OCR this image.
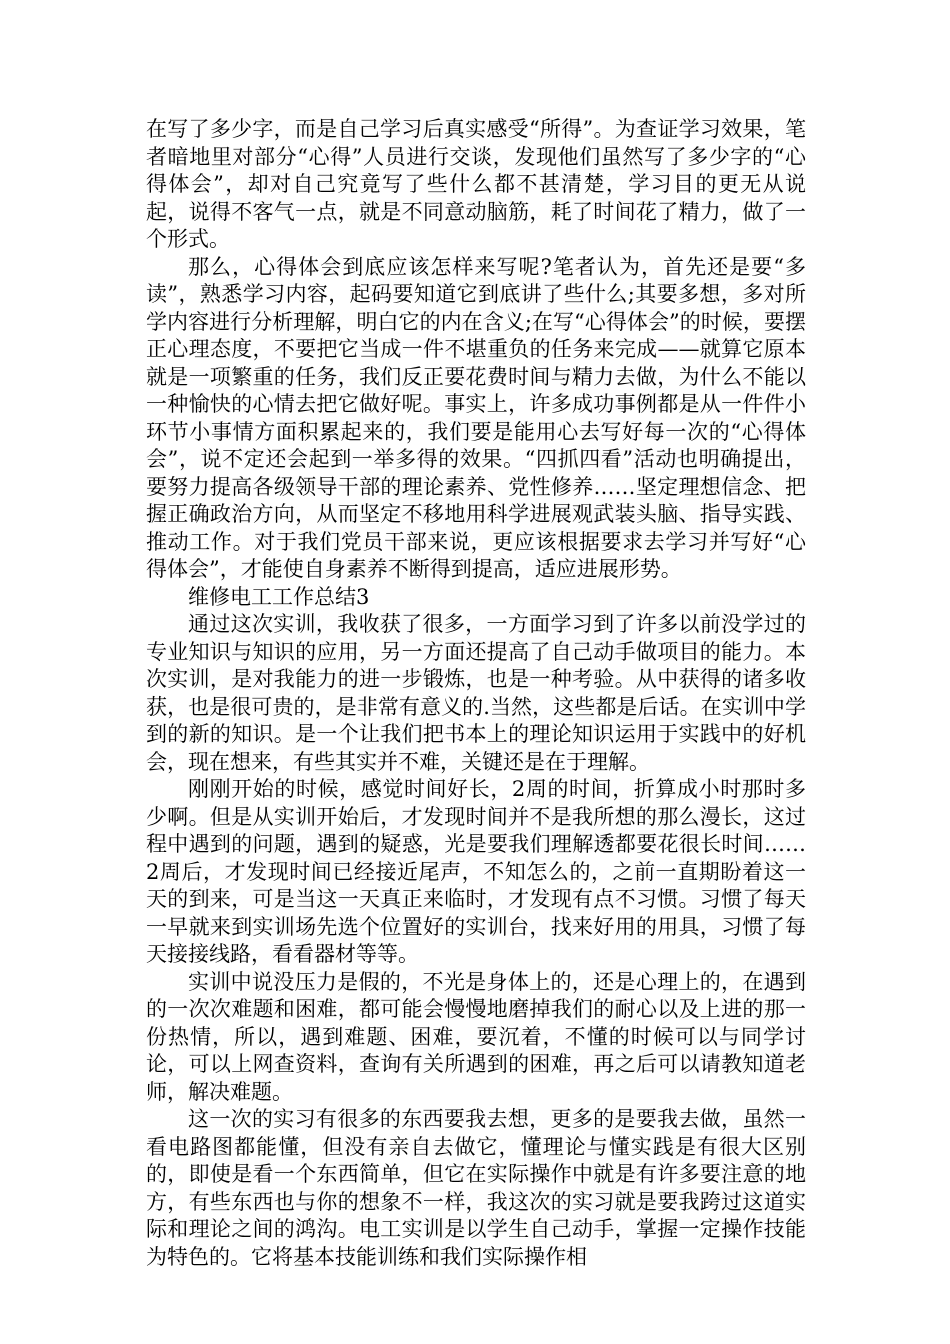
在写了多少字，而是自己学习后真实感受“所得”。为查证学习效果，笔者暗地里对部分“心得”人员进行交谈，发现他们虽然写了多少字的“心得体会”，却对自己究竟写了些什么都不甚清楚，学习目的更无从说起，说得不客气一点，就是不同意动脑筋，耗了时间花了精力，做了一个形式。

那么，心得体会到底应该怎样来写呢?笔者认为，首先还是要“多读”，熟悉学习内容，起码要知道它到底讲了些什么;其要多想，多对所学内容进行分析理解，明白它的内在含义;在写“心得体会”的时候，要摆正心理态度，不要把它当成一件不堪重负的任务来完成——就算它原本就是一项繁重的任务，我们反正要花费时间与精力去做，为什么不能以一种愉快的心情去把它做好呢。事实上，许多成功事例都是从一件件小环节小事情方面积累起来的，我们要是能用心去写好每一次的“心得体会”，说不定还会起到一举多得的效果。“四抓四看”活动也明确提出，要努力提高各级领导干部的理论素养、党性修养……坚定理想信念、把握正确政治方向，从而坚定不移地用科学进展观武装头脑、指导实践、推动工作。对于我们党员干部来说，更应该根据要求去学习并写好“心得体会”，才能使自身素养不断得到提高，适应进展形势。

维修电工工作总结3

通过这次实训，我收获了很多，一方面学习到了许多以前没学过的专业知识与知识的应用，另一方面还提高了自己动手做项目的能力。本次实训，是对我能力的进一步锻炼，也是一种考验。从中获得的诸多收获，也是很可贵的，是非常有意义的.当然，这些都是后话。在实训中学到的新的知识。是一个让我们把书本上的理论知识运用于实践中的好机会，现在想来，有些其实并不难，关键还是在于理解。

刚刚开始的时候，感觉时间好长，2周的时间，折算成小时那时多少啊。但是从实训开始后，才发现时间并不是我所想的那么漫长，这过程中遇到的问题，遇到的疑惑，光是要我们理解透都要花很长时间……2周后，才发现时间已经接近尾声，不知怎么的，之前一直期盼着这一天的到来，可是当这一天真正来临时，才发现有点不习惯。习惯了每天一早就来到实训场先选个位置好的实训台，找来好用的用具，习惯了每天接接线路，看看器材等等。

实训中说没压力是假的，不光是身体上的，还是心理上的，在遇到的一次次难题和困难，都可能会慢慢地磨掉我们的耐心以及上进的那一份热情，所以，遇到难题、困难，要沉着，不懂的时候可以与同学讨论，可以上网查资料，查询有关所遇到的困难，再之后可以请教知道老师，解决难题。

这一次的实习有很多的东西要我去想，更多的是要我去做，虽然一看电路图都能懂，但没有亲自去做它，懂理论与懂实践是有很大区别的，即使是看一个东西简单，但它在实际操作中就是有许多要注意的地方，有些东西也与你的想象不一样，我这次的实习就是要我跨过这道实际和理论之间的鸿沟。电工实训是以学生自己动手，掌握一定操作技能为特色的。它将基本技能训练和我们实际操作相
